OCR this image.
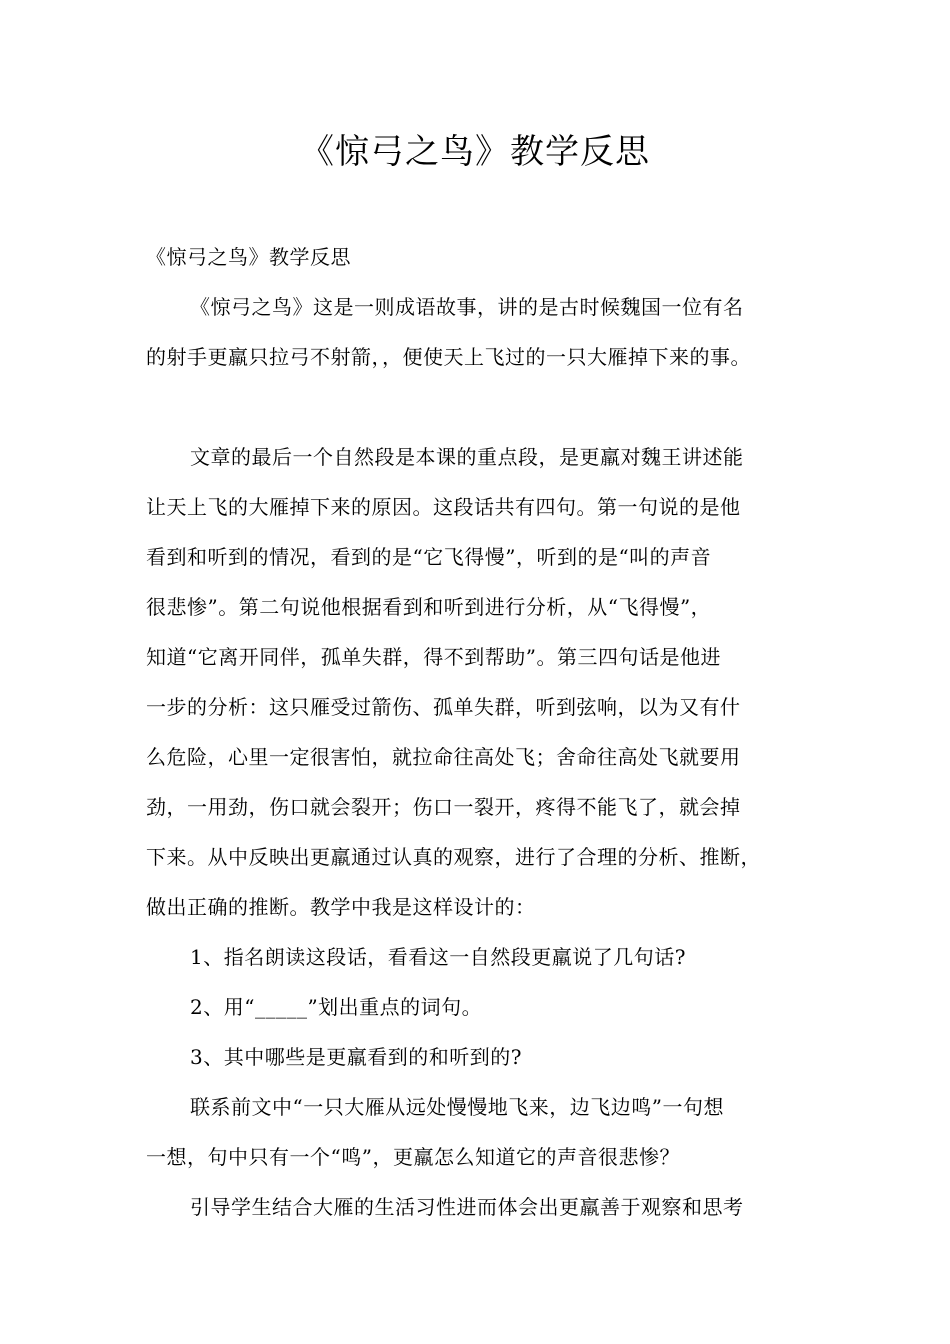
《惊弓之鸟》教学反思

《惊弓之鸟》教学反思

《惊弓之鸟》这是一则成语故事，讲的是古时候魏国一位有名

的射手更羸只拉弓不射箭，，便使天上飞过的一只大雁掉下来的事。

文章的最后一个自然段是本课的重点段，是更羸对魏王讲述能

让天上飞的大雁掉下来的原因。这段话共有四句。第一句说的是他

看到和听到的情况，看到的是“它飞得慢”，听到的是“叫的声音

很悲惨”。第二句说他根据看到和听到进行分析，从“飞得慢”，

知道“它离开同伴，孤单失群，得不到帮助”。第三四句话是他进

一步的分析：这只雁受过箭伤、孤单失群，听到弦响，以为又有什

么危险，心里一定很害怕，就拉命往高处飞；舍命往高处飞就要用

劲，一用劲，伤口就会裂开；伤口一裂开，疼得不能飞了，就会掉

下来。从中反映出更羸通过认真的观察，进行了合理的分析、推断，

做出正确的推断。教学中我是这样设计的：

1、指名朗读这段话，看看这一自然段更羸说了几句话?

2、用“_____”划出重点的词句。

3、其中哪些是更羸看到的和听到的?

联系前文中“一只大雁从远处慢慢地飞来，边飞边鸣”一句想

一想，句中只有一个“鸣”，更羸怎么知道它的声音很悲惨？

引导学生结合大雁的生活习性进而体会出更羸善于观察和思考
